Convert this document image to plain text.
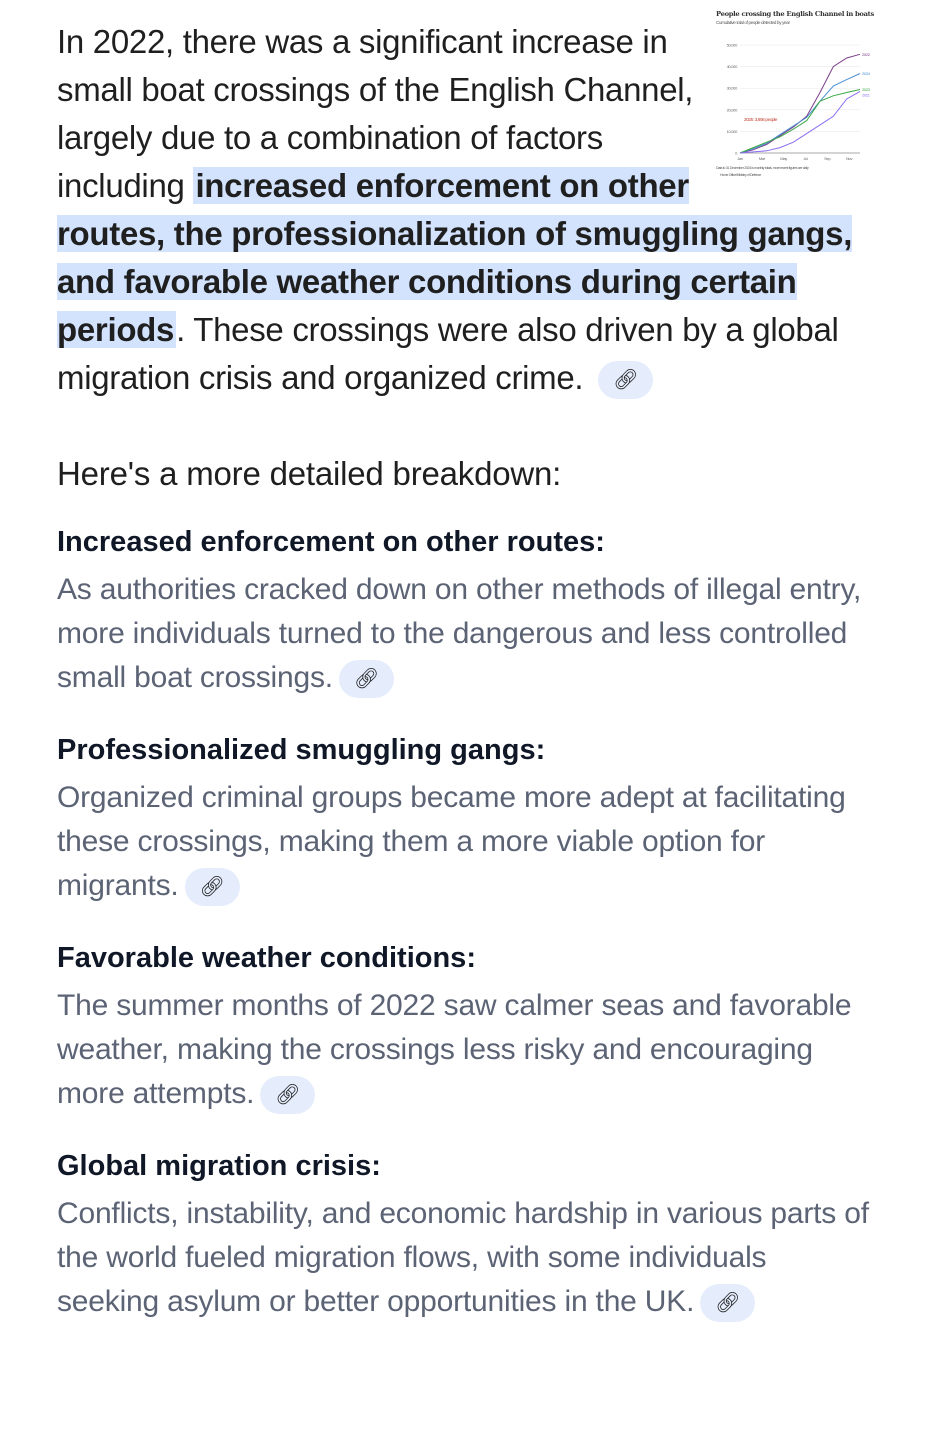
People crossing the English Channel in boats
Cumulative total of people detected by year
0
10,000
20,000
30,000
40,000
50,000
Jan	Mar	May	Jul	Sep	Nov
2022
2024
2023
2021
2025: 3,856 people
Data to 31 December 2024 is monthly totals, more recent figures are daily
Home Office/Ministry of Defence
In 2022, there was a significant increase in small boat crossings of the English Channel, largely due to a combination of factors including increased enforcement on other routes, the professionalization of smuggling gangs, and favorable weather conditions during certain periods. These crossings were also driven by a global migration crisis and organized crime. 🔗︎

Here's a more detailed breakdown:
Increased enforcement on other routes:

As authorities cracked down on other methods of illegal entry, more individuals turned to the dangerous and less controlled small boat crossings. 🔗︎

Professionalized smuggling gangs:

Organized criminal groups became more adept at facilitating these crossings, making them a more viable option for migrants. 🔗︎

Favorable weather conditions:

The summer months of 2022 saw calmer seas and favorable weather, making the crossings less risky and encouraging more attempts. 🔗︎

Global migration crisis:

Conflicts, instability, and economic hardship in various parts of the world fueled migration flows, with some individuals seeking asylum or better opportunities in the UK. 🔗︎
